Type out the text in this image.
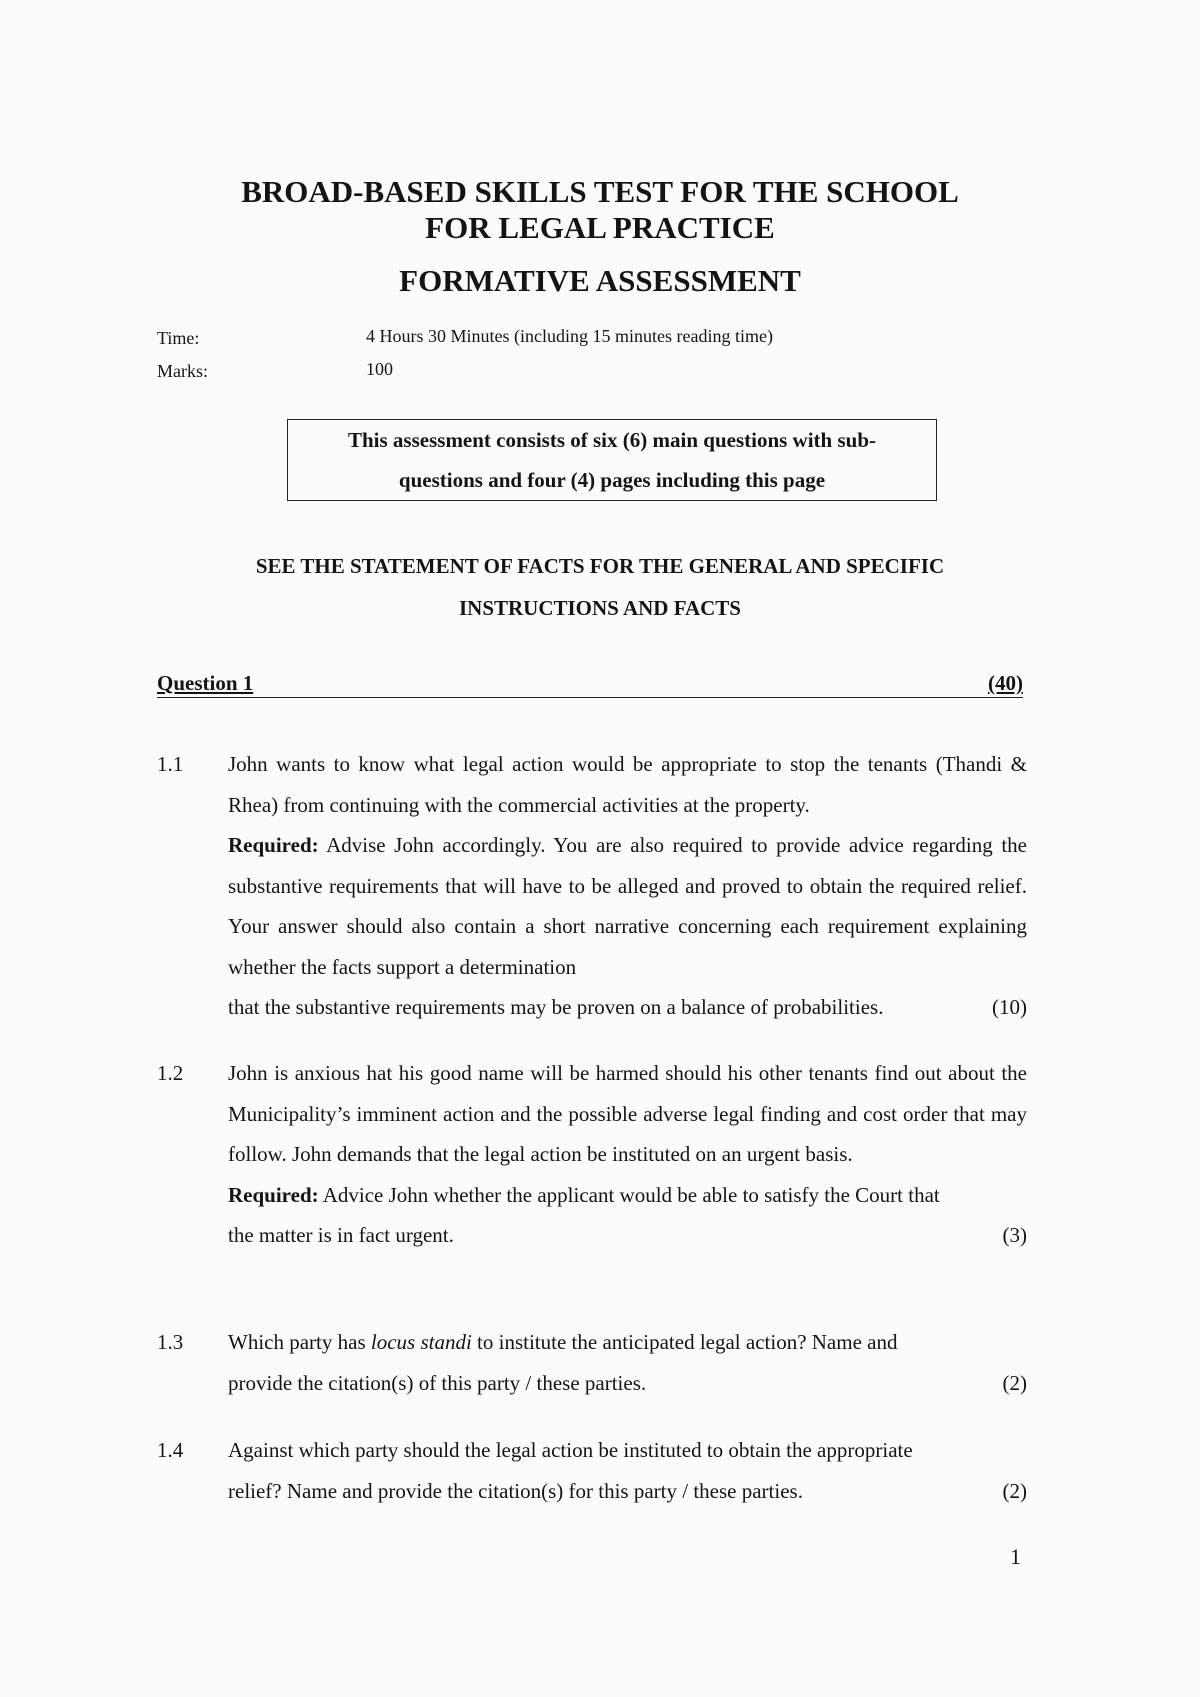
BROAD-BASED SKILLS TEST FOR THE SCHOOL
FOR LEGAL PRACTICE
FORMATIVE ASSESSMENT
Time:	4 Hours 30 Minutes (including 15 minutes reading time)
Marks:	100
This assessment consists of six (6) main questions with sub-
questions and four (4) pages including this page
SEE THE STATEMENT OF FACTS FOR THE GENERAL AND SPECIFIC
INSTRUCTIONS AND FACTS
Question 1	(40)
1.1 John wants to know what legal action would be appropriate to stop the tenants (Thandi & Rhea) from continuing with the commercial activities at the property.

Required: Advise John accordingly. You are also required to provide advice regarding the substantive requirements that will have to be alleged and proved to obtain the required relief. Your answer should also contain a short narrative concerning each requirement explaining whether the facts support a determination

that the substantive requirements may be proven on a balance of probabilities.	(10)
1.2 John is anxious hat his good name will be harmed should his other tenants find out about the Municipality’s imminent action and the possible adverse legal finding and cost order that may follow. John demands that the legal action be instituted on an urgent basis.

Required: Advice John whether the applicant would be able to satisfy the Court that

the matter is in fact urgent.	(3)
1.3 Which party has locus standi to institute the anticipated legal action? Name and

provide the citation(s) of this party / these parties.	(2)
1.4 Against which party should the legal action be instituted to obtain the appropriate

relief? Name and provide the citation(s) for this party / these parties.	(2)
1
